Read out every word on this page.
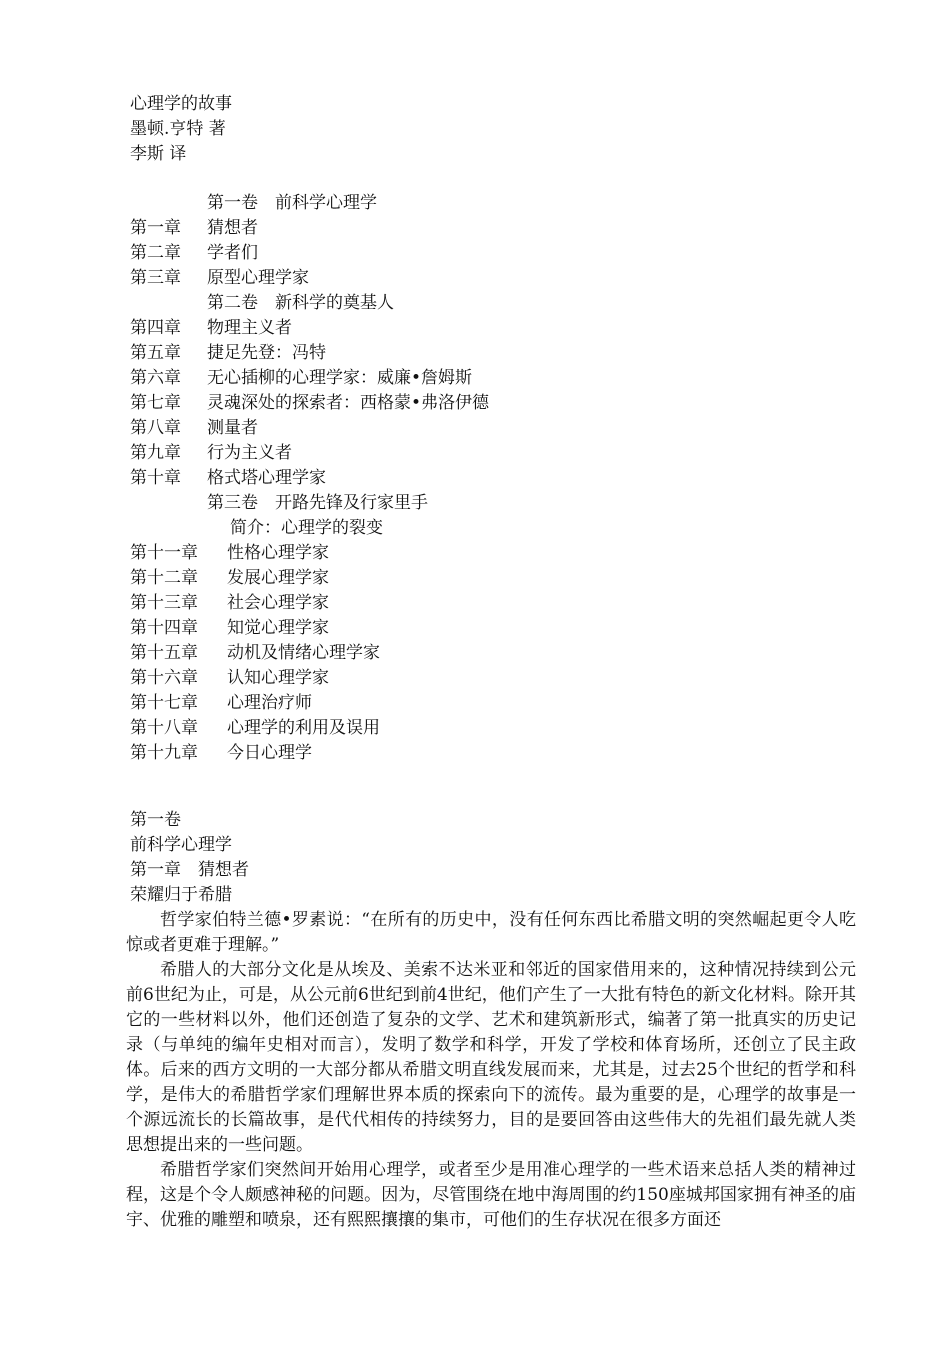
心理学的故事
墨顿.亨特 著
李斯 译
第一卷　前科学心理学
第一章 猜想者
第二章 学者们
第三章 原型心理学家
第二卷　新科学的奠基人
第四章 物理主义者
第五章 捷足先登：冯特
第六章 无心插柳的心理学家：威廉•詹姆斯
第七章 灵魂深处的探索者：西格蒙•弗洛伊德
第八章 测量者
第九章 行为主义者
第十章 格式塔心理学家
第三卷　开路先锋及行家里手
简介：心理学的裂变
第十一章 性格心理学家
第十二章 发展心理学家
第十三章 社会心理学家
第十四章 知觉心理学家
第十五章 动机及情绪心理学家
第十六章 认知心理学家
第十七章 心理治疗师
第十八章 心理学的利用及误用
第十九章 今日心理学
第一卷
前科学心理学
第一章　猜想者
荣耀归于希腊

哲学家伯特兰德•罗素说：“在所有的历史中，没有任何东西比希腊文明的突然崛起更令人吃惊或者更难于理解。”

希腊人的大部分文化是从埃及、美索不达米亚和邻近的国家借用来的，这种情况持续到公元前6世纪为止，可是，从公元前6世纪到前4世纪，他们产生了一大批有特色的新文化材料。除开其它的一些材料以外，他们还创造了复杂的文学、艺术和建筑新形式，编著了第一批真实的历史记录（与单纯的编年史相对而言），发明了数学和科学，开发了学校和体育场所，还创立了民主政体。后来的西方文明的一大部分都从希腊文明直线发展而来，尤其是，过去25个世纪的哲学和科学，是伟大的希腊哲学家们理解世界本质的探索向下的流传。最为重要的是，心理学的故事是一个源远流长的长篇故事，是代代相传的持续努力，目的是要回答由这些伟大的先祖们最先就人类思想提出来的一些问题。

希腊哲学家们突然间开始用心理学，或者至少是用准心理学的一些术语来总括人类的精神过程，这是个令人颇感神秘的问题。因为，尽管围绕在地中海周围的约150座城邦国家拥有神圣的庙宇、优雅的雕塑和喷泉，还有熙熙攘攘的集市，可他们的生存状况在很多方面还
